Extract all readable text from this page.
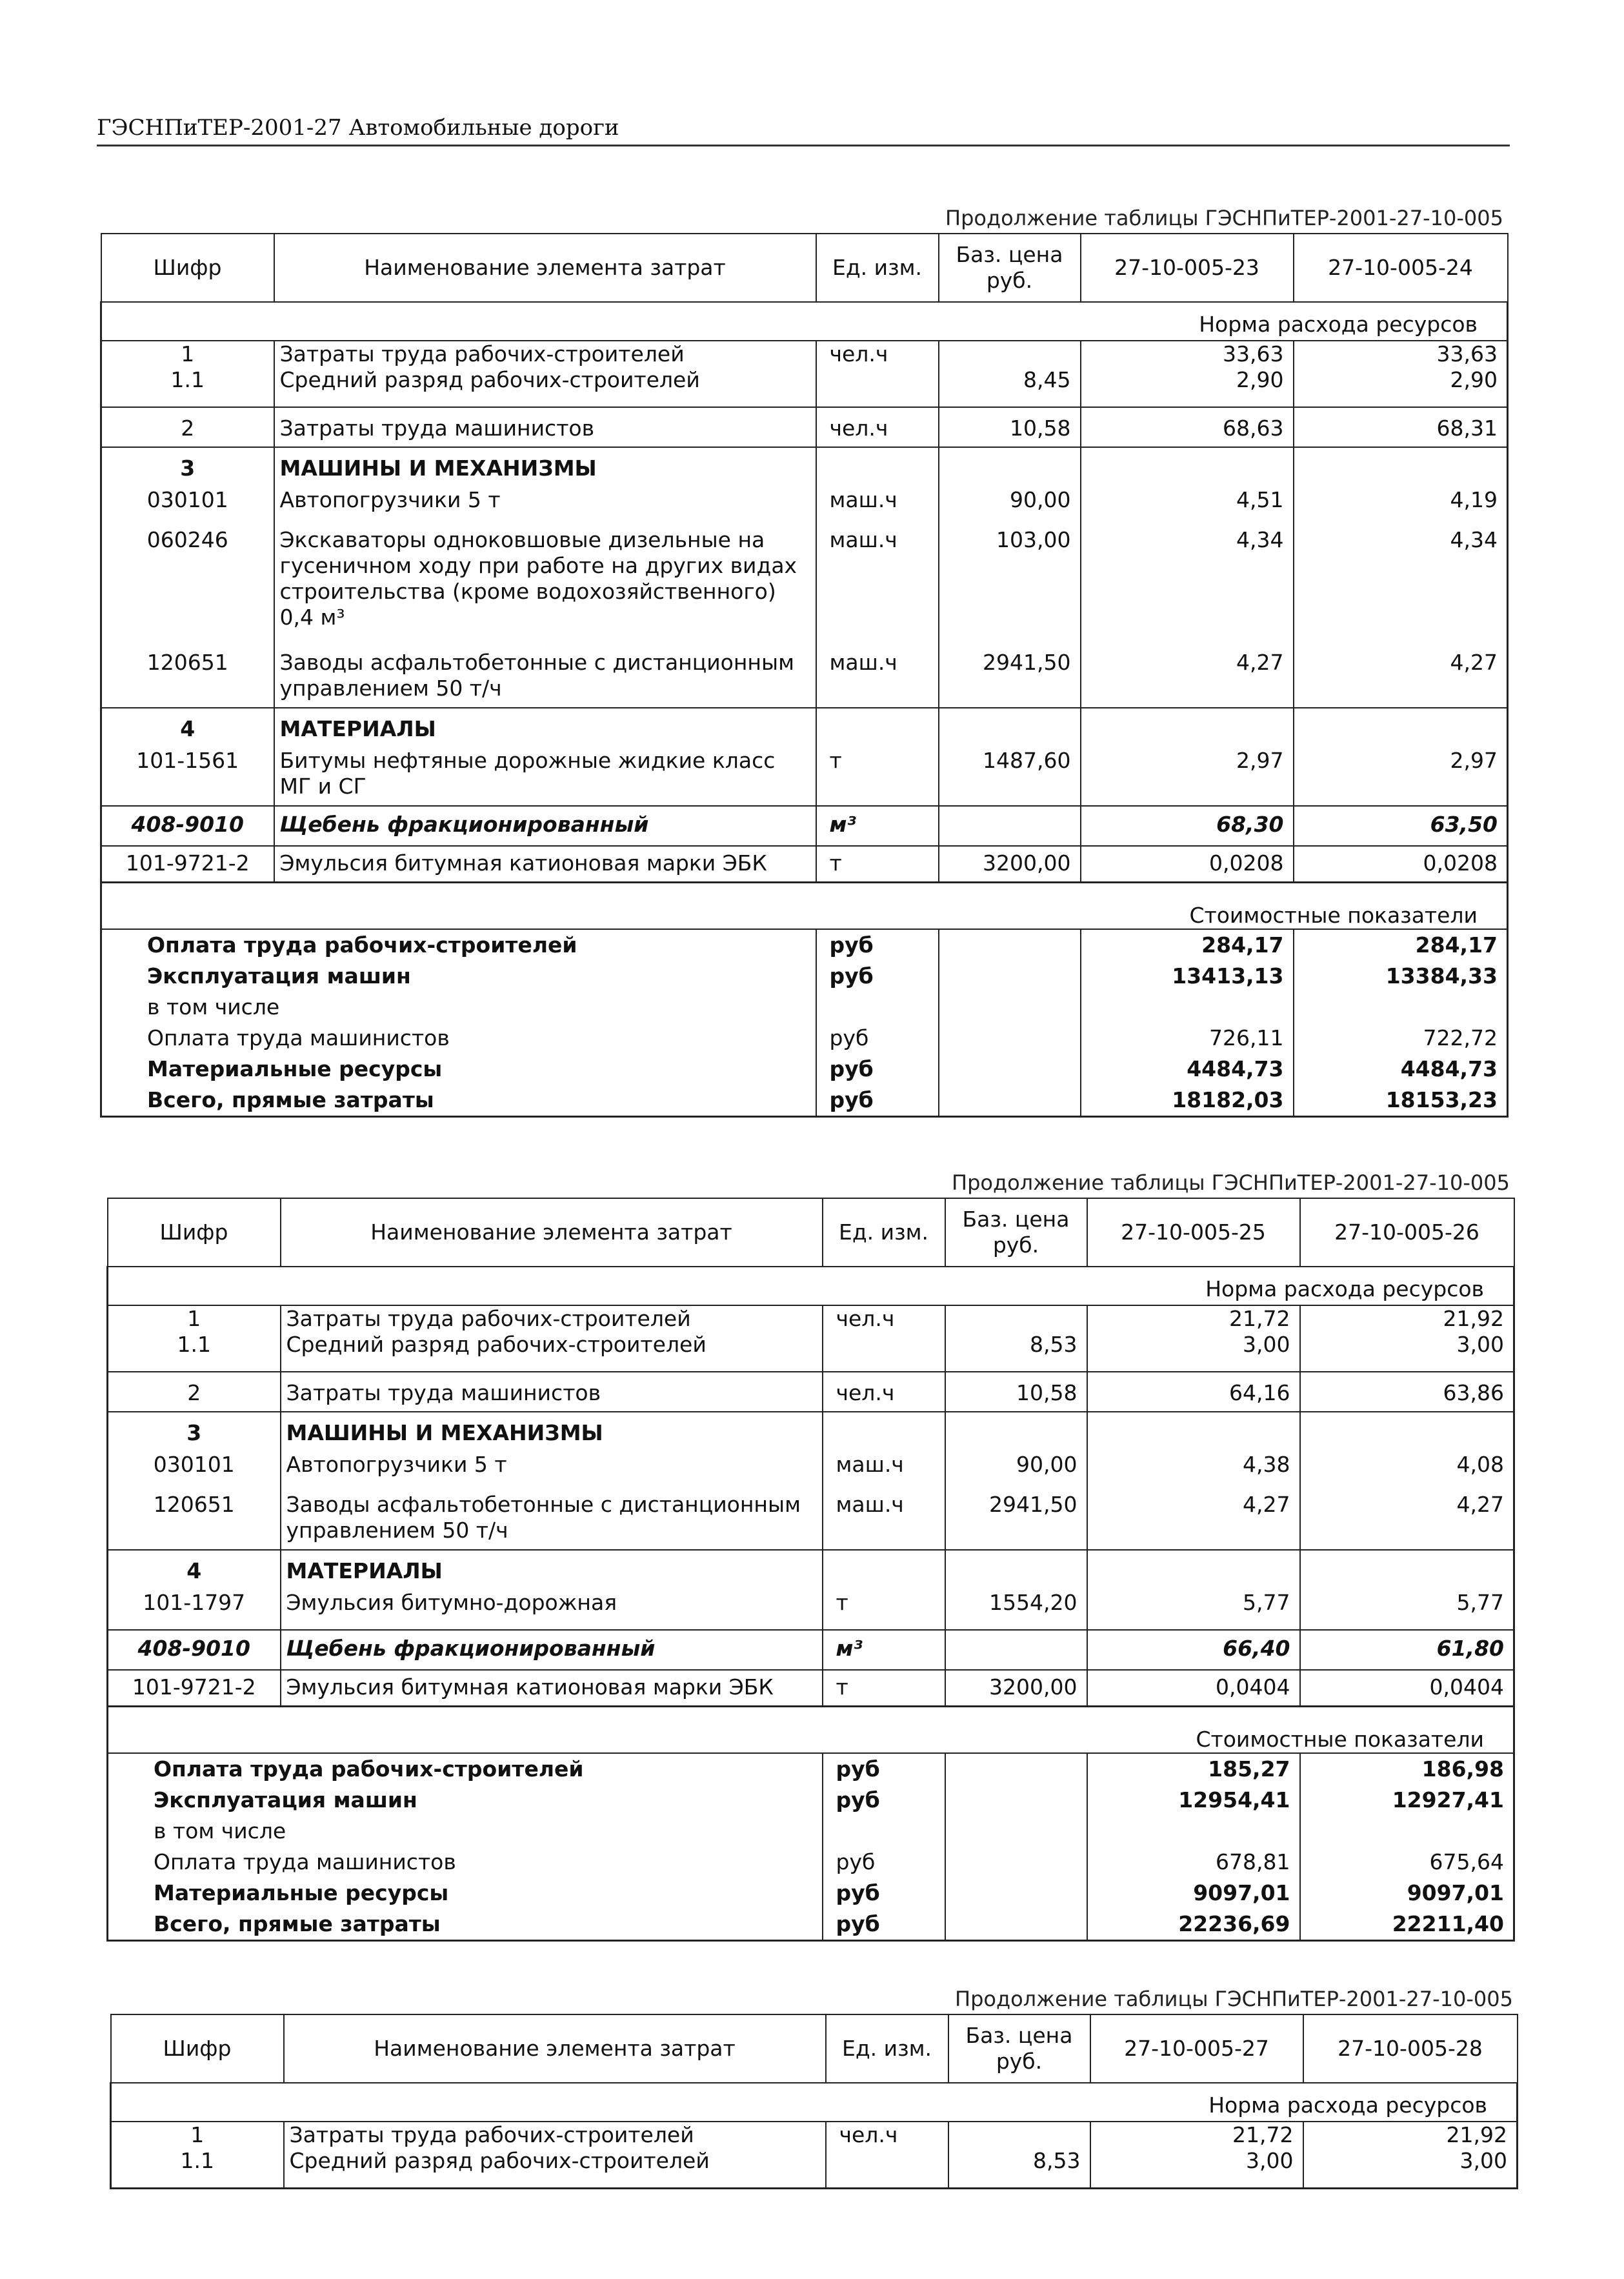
ГЭСНПиТЕР-2001-27 Автомобильные дороги
Продолжение таблицы ГЭСНПиТЕР-2001-27-10-005
Шифр	Наименование элемента затрат	Ед. изм.	Баз. цена руб.	27-10-005-23	27-10-005-24
Норма расхода ресурсов					
1	Затраты труда рабочих-строителей	чел.ч		33,63	33,63
1.1	Средний разряд рабочих-строителей		8,45	2,90	2,90
2	Затраты труда машинистов	чел.ч	10,58	68,63	68,31
3	МАШИНЫ И МЕХАНИЗМЫ				
030101	Автопогрузчики 5 т	маш.ч	90,00	4,51	4,19
060246	Экскаваторы одноковшовые дизельные на гусеничном ходу при работе на других видах строительства (кроме водохозяйственного) 0,4 м³	маш.ч	103,00	4,34	4,34
120651	Заводы асфальтобетонные с дистанционным управлением 50 т/ч	маш.ч	2941,50	4,27	4,27
4	МАТЕРИАЛЫ				
101-1561	Битумы нефтяные дорожные жидкие класс МГ и СГ	т	1487,60	2,97	2,97
408-9010	Щебень фракционированный	м³		68,30	63,50
101-9721-2	Эмульсия битумная катионовая марки ЭБК	т	3200,00	0,0208	0,0208
Стоимостные показатели					
Оплата труда рабочих-строителей		руб		284,17	284,17
Эксплуатация машин		руб		13413,13	13384,33
в том числе					
Оплата труда машинистов		руб		726,11	722,72
Материальные ресурсы		руб		4484,73	4484,73
Всего, прямые затраты		руб		18182,03	18153,23
Продолжение таблицы ГЭСНПиТЕР-2001-27-10-005
Шифр	Наименование элемента затрат	Ед. изм.	Баз. цена руб.	27-10-005-25	27-10-005-26
Норма расхода ресурсов					
1	Затраты труда рабочих-строителей	чел.ч		21,72	21,92
1.1	Средний разряд рабочих-строителей		8,53	3,00	3,00
2	Затраты труда машинистов	чел.ч	10,58	64,16	63,86
3	МАШИНЫ И МЕХАНИЗМЫ				
030101	Автопогрузчики 5 т	маш.ч	90,00	4,38	4,08
120651	Заводы асфальтобетонные с дистанционным управлением 50 т/ч	маш.ч	2941,50	4,27	4,27
4	МАТЕРИАЛЫ				
101-1797	Эмульсия битумно-дорожная	т	1554,20	5,77	5,77
408-9010	Щебень фракционированный	м³		66,40	61,80
101-9721-2	Эмульсия битумная катионовая марки ЭБК	т	3200,00	0,0404	0,0404
Стоимостные показатели					
Оплата труда рабочих-строителей		руб		185,27	186,98
Эксплуатация машин		руб		12954,41	12927,41
в том числе					
Оплата труда машинистов		руб		678,81	675,64
Материальные ресурсы		руб		9097,01	9097,01
Всего, прямые затраты		руб		22236,69	22211,40
Продолжение таблицы ГЭСНПиТЕР-2001-27-10-005
Шифр	Наименование элемента затрат	Ед. изм.	Баз. цена руб.	27-10-005-27	27-10-005-28
Норма расхода ресурсов					
1	Затраты труда рабочих-строителей	чел.ч		21,72	21,92
1.1	Средний разряд рабочих-строителей		8,53	3,00	3,00
